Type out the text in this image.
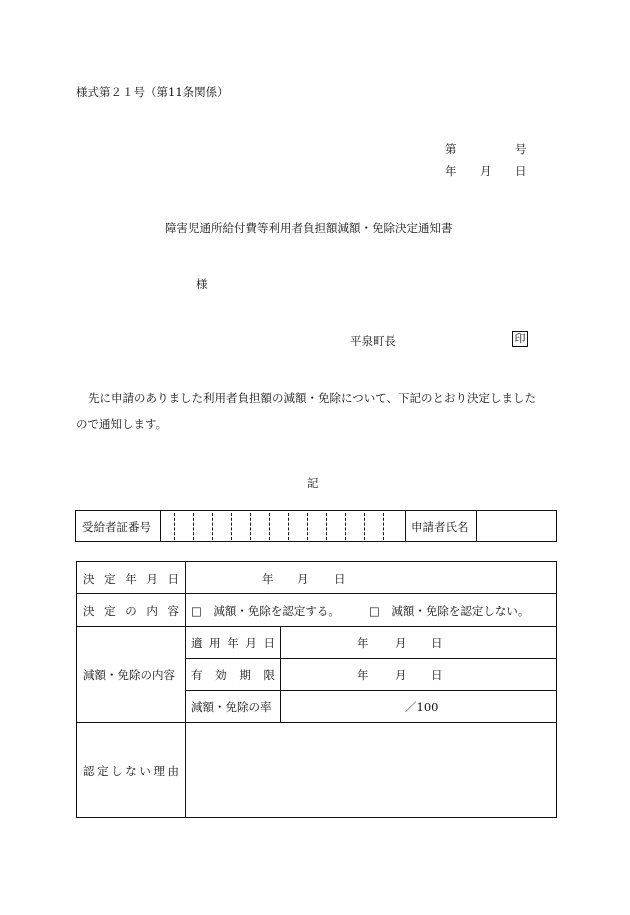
様式第２１号（第11条関係）
第	号
年 月 日
障害児通所給付費等利用者負担額減額・免除決定通知書
様
平泉町長	印
先に申請のありました利用者負担額の減額・免除について、下記のとおり決定しました
ので通知します。
記
受給者証番号	申請者氏名
決 定 年 月 日	年 月 日
決 定 の 内 容 □　減額・免除を認定する。	□　減額・免除を認定しない。
減額・免除の内容
適 用 年 月 日	年 月 日
有 効 期 限	年 月 日
減額・免除の率	／100
認 定 し な い 理 由
